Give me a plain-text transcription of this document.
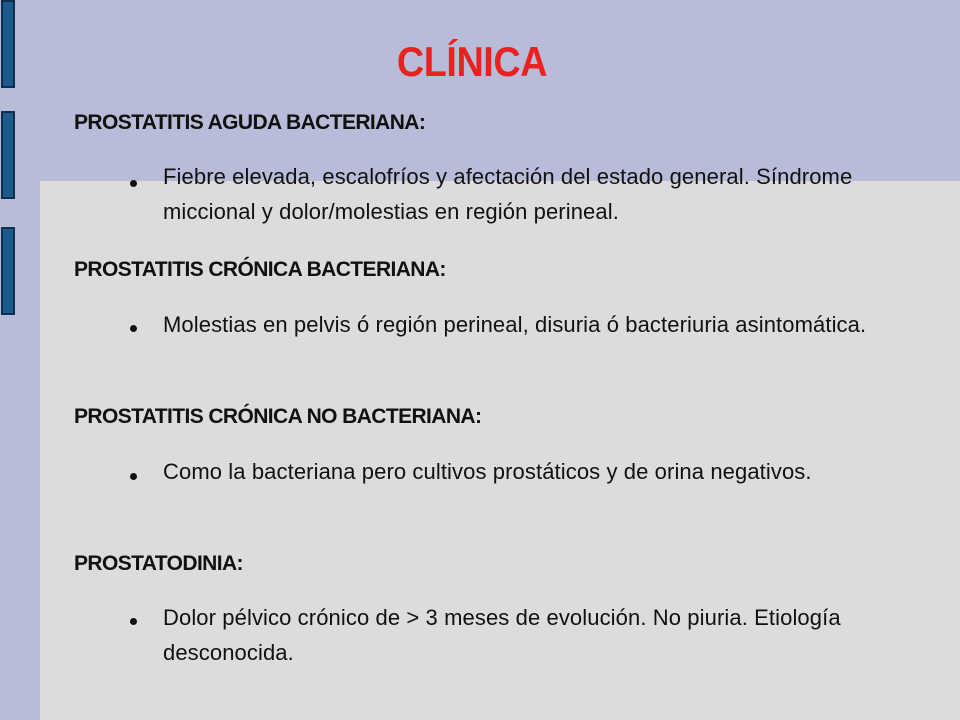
CLÍNICA
PROSTATITIS AGUDA BACTERIANA:
Fiebre elevada, escalofríos y afectación del estado general. Síndrome miccional y dolor/molestias en región perineal.
PROSTATITIS CRÓNICA BACTERIANA:
Molestias en pelvis ó región perineal, disuria ó bacteriuria asintomática.
PROSTATITIS CRÓNICA NO BACTERIANA:
Como la bacteriana pero cultivos prostáticos y de orina negativos.
PROSTATODINIA:
Dolor pélvico crónico de > 3 meses de evolución. No piuria. Etiología desconocida.
